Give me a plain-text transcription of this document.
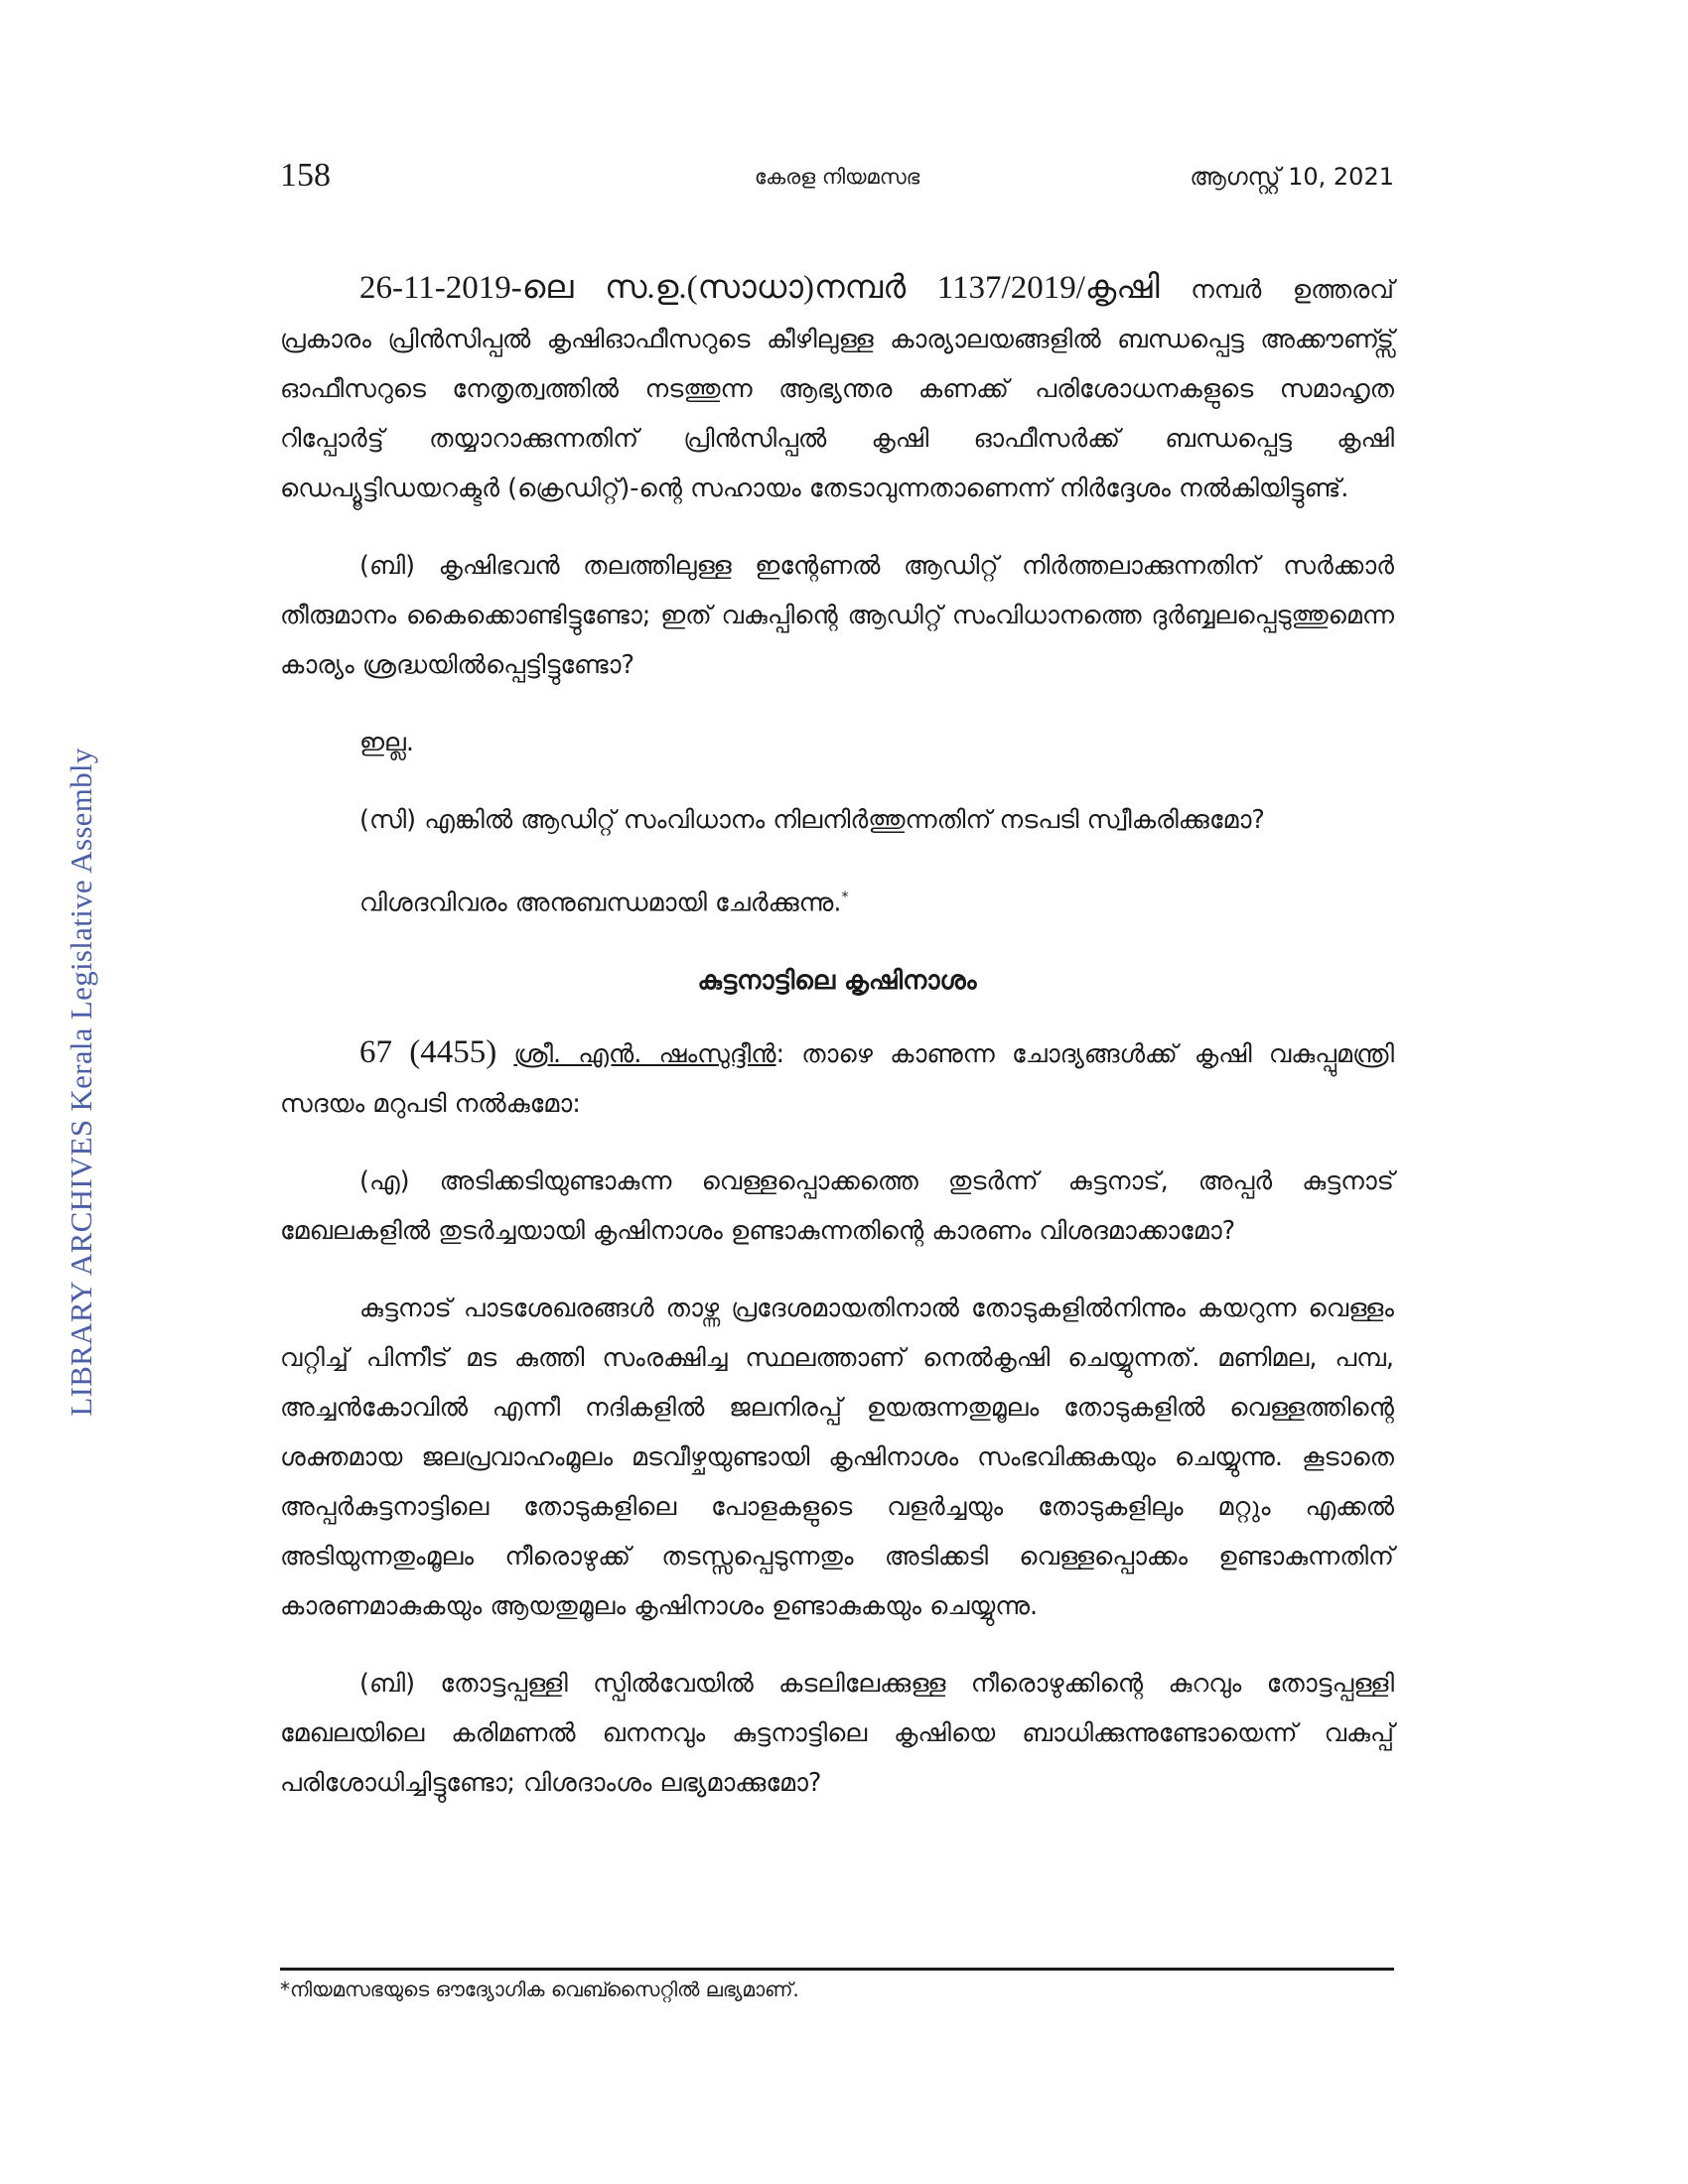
LIBRARY ARCHIVES Kerala Legislative Assembly
158	കേരള നിയമസഭ	ആഗസ്റ്റ് 10, 2021

26-11-2019-ലെ സ.ഉ.(സാധാ)നമ്പർ 1137/2019/കൃഷി നമ്പർ ഉത്തരവ് പ്രകാരം പ്രിൻസിപ്പൽ കൃഷിഓഫീസറുടെ കീഴിലുള്ള കാര്യാലയങ്ങളിൽ ബന്ധപ്പെട്ട അക്കൗണ്ട്സ് ഓഫീസറുടെ നേതൃത്വത്തിൽ നടത്തുന്ന ആഭ്യന്തര കണക്ക് പരിശോധനകളുടെ സമാഹൃത റിപ്പോർട്ട് തയ്യാറാക്കുന്നതിന് പ്രിൻസിപ്പൽ കൃഷി ഓഫീസർക്ക് ബന്ധപ്പെട്ട കൃഷി ഡെപ്യൂട്ടിഡയറക്ടർ (ക്രെഡിറ്റ്)-ന്റെ സഹായം തേടാവുന്നതാണെന്ന് നിർദ്ദേശം നൽകിയിട്ടുണ്ട്.

(ബി) കൃഷിഭവൻ തലത്തിലുള്ള ഇന്റേണൽ ആഡിറ്റ് നിർത്തലാക്കുന്നതിന് സർക്കാർ തീരുമാനം കൈക്കൊണ്ടിട്ടുണ്ടോ; ഇത് വകുപ്പിന്റെ ആഡിറ്റ് സംവിധാനത്തെ ദുർബ്ബലപ്പെടുത്തുമെന്ന കാര്യം ശ്രദ്ധയിൽപ്പെട്ടിട്ടുണ്ടോ?

ഇല്ല.

(സി) എങ്കിൽ ആഡിറ്റ് സംവിധാനം നിലനിർത്തുന്നതിന് നടപടി സ്വീകരിക്കുമോ?

വിശദവിവരം അനുബന്ധമായി ചേർക്കുന്നു.*

കുട്ടനാട്ടിലെ കൃഷിനാശം

67 (4455) ശ്രീ. എൻ. ഷംസുദ്ദീൻ: താഴെ കാണുന്ന ചോദ്യങ്ങൾക്ക് കൃഷി വകുപ്പുമന്ത്രി സദയം മറുപടി നൽകുമോ:

(എ) അടിക്കടിയുണ്ടാകുന്ന വെള്ളപ്പൊക്കത്തെ തുടർന്ന് കുട്ടനാട്, അപ്പർ കുട്ടനാട് മേഖലകളിൽ തുടർച്ചയായി കൃഷിനാശം ഉണ്ടാകുന്നതിന്റെ കാരണം വിശദമാക്കാമോ?

കുട്ടനാട് പാടശേഖരങ്ങൾ താഴ്ന്ന പ്രദേശമായതിനാൽ തോടുകളിൽനിന്നും കയറുന്ന വെള്ളം വറ്റിച്ച് പിന്നീട് മട കുത്തി സംരക്ഷിച്ച സ്ഥലത്താണ് നെൽകൃഷി ചെയ്യുന്നത്. മണിമല, പമ്പ, അച്ചൻകോവിൽ എന്നീ നദികളിൽ ജലനിരപ്പ് ഉയരുന്നതുമൂലം തോടുകളിൽ വെള്ളത്തിന്റെ ശക്തമായ ജലപ്രവാഹംമൂലം മടവീഴ്ചയുണ്ടായി കൃഷിനാശം സംഭവിക്കുകയും ചെയ്യുന്നു. കൂടാതെ അപ്പർകുട്ടനാട്ടിലെ തോടുകളിലെ പോളകളുടെ വളർച്ചയും തോടുകളിലും മറ്റും എക്കൽ അടിയുന്നതുംമൂലം നീരൊഴുക്ക് തടസ്സപ്പെടുന്നതും അടിക്കടി വെള്ളപ്പൊക്കം ഉണ്ടാകുന്നതിന് കാരണമാകുകയും ആയതുമൂലം കൃഷിനാശം ഉണ്ടാകുകയും ചെയ്യുന്നു.

(ബി) തോട്ടപ്പള്ളി സ്പിൽവേയിൽ കടലിലേക്കുള്ള നീരൊഴുക്കിന്റെ കുറവും തോട്ടപ്പള്ളി മേഖലയിലെ കരിമണൽ ഖനനവും കുട്ടനാട്ടിലെ കൃഷിയെ ബാധിക്കുന്നുണ്ടോയെന്ന് വകുപ്പ് പരിശോധിച്ചിട്ടുണ്ടോ; വിശദാംശം ലഭ്യമാക്കുമോ?

*നിയമസഭയുടെ ഔദ്യോഗിക വെബ്സൈറ്റിൽ ലഭ്യമാണ്.
